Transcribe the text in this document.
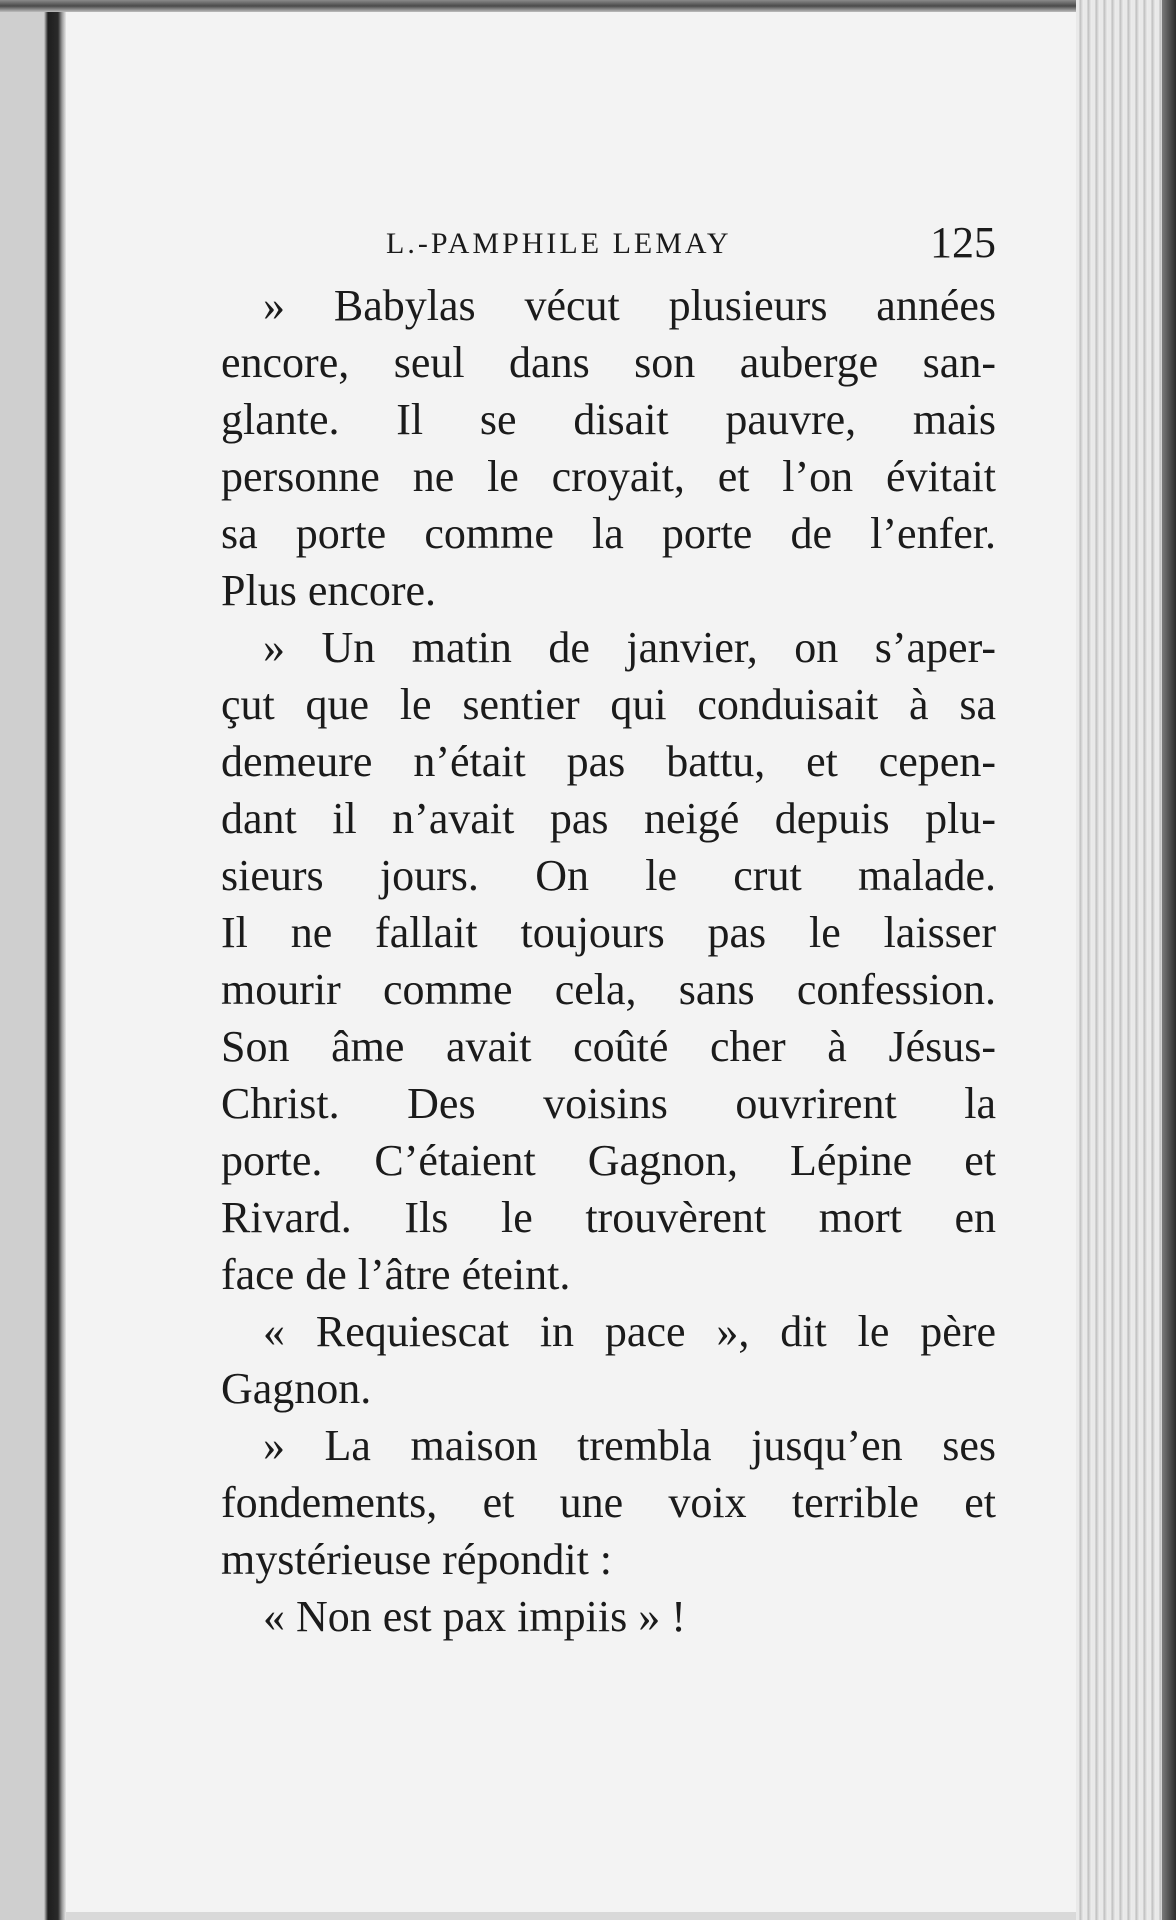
L.-PAMPHILE LEMAY	125

» Babylas vécut plusieurs années
encore, seul dans son auberge san-
glante. Il se disait pauvre, mais
personne ne le croyait, et l’on évitait
sa porte comme la porte de l’enfer.
Plus encore.

» Un matin de janvier, on s’aper-
çut que le sentier qui conduisait à sa
demeure n’était pas battu, et cepen-
dant il n’avait pas neigé depuis plu-
sieurs jours. On le crut malade.
Il ne fallait toujours pas le laisser
mourir comme cela, sans confession.
Son âme avait coûté cher à Jésus-
Christ. Des voisins ouvrirent la
porte. C’étaient Gagnon, Lépine et
Rivard. Ils le trouvèrent mort en
face de l’âtre éteint.

« Requiescat in pace », dit le père
Gagnon.

» La maison trembla jusqu’en ses
fondements, et une voix terrible et
mystérieuse répondit :

« Non est pax impiis » !
